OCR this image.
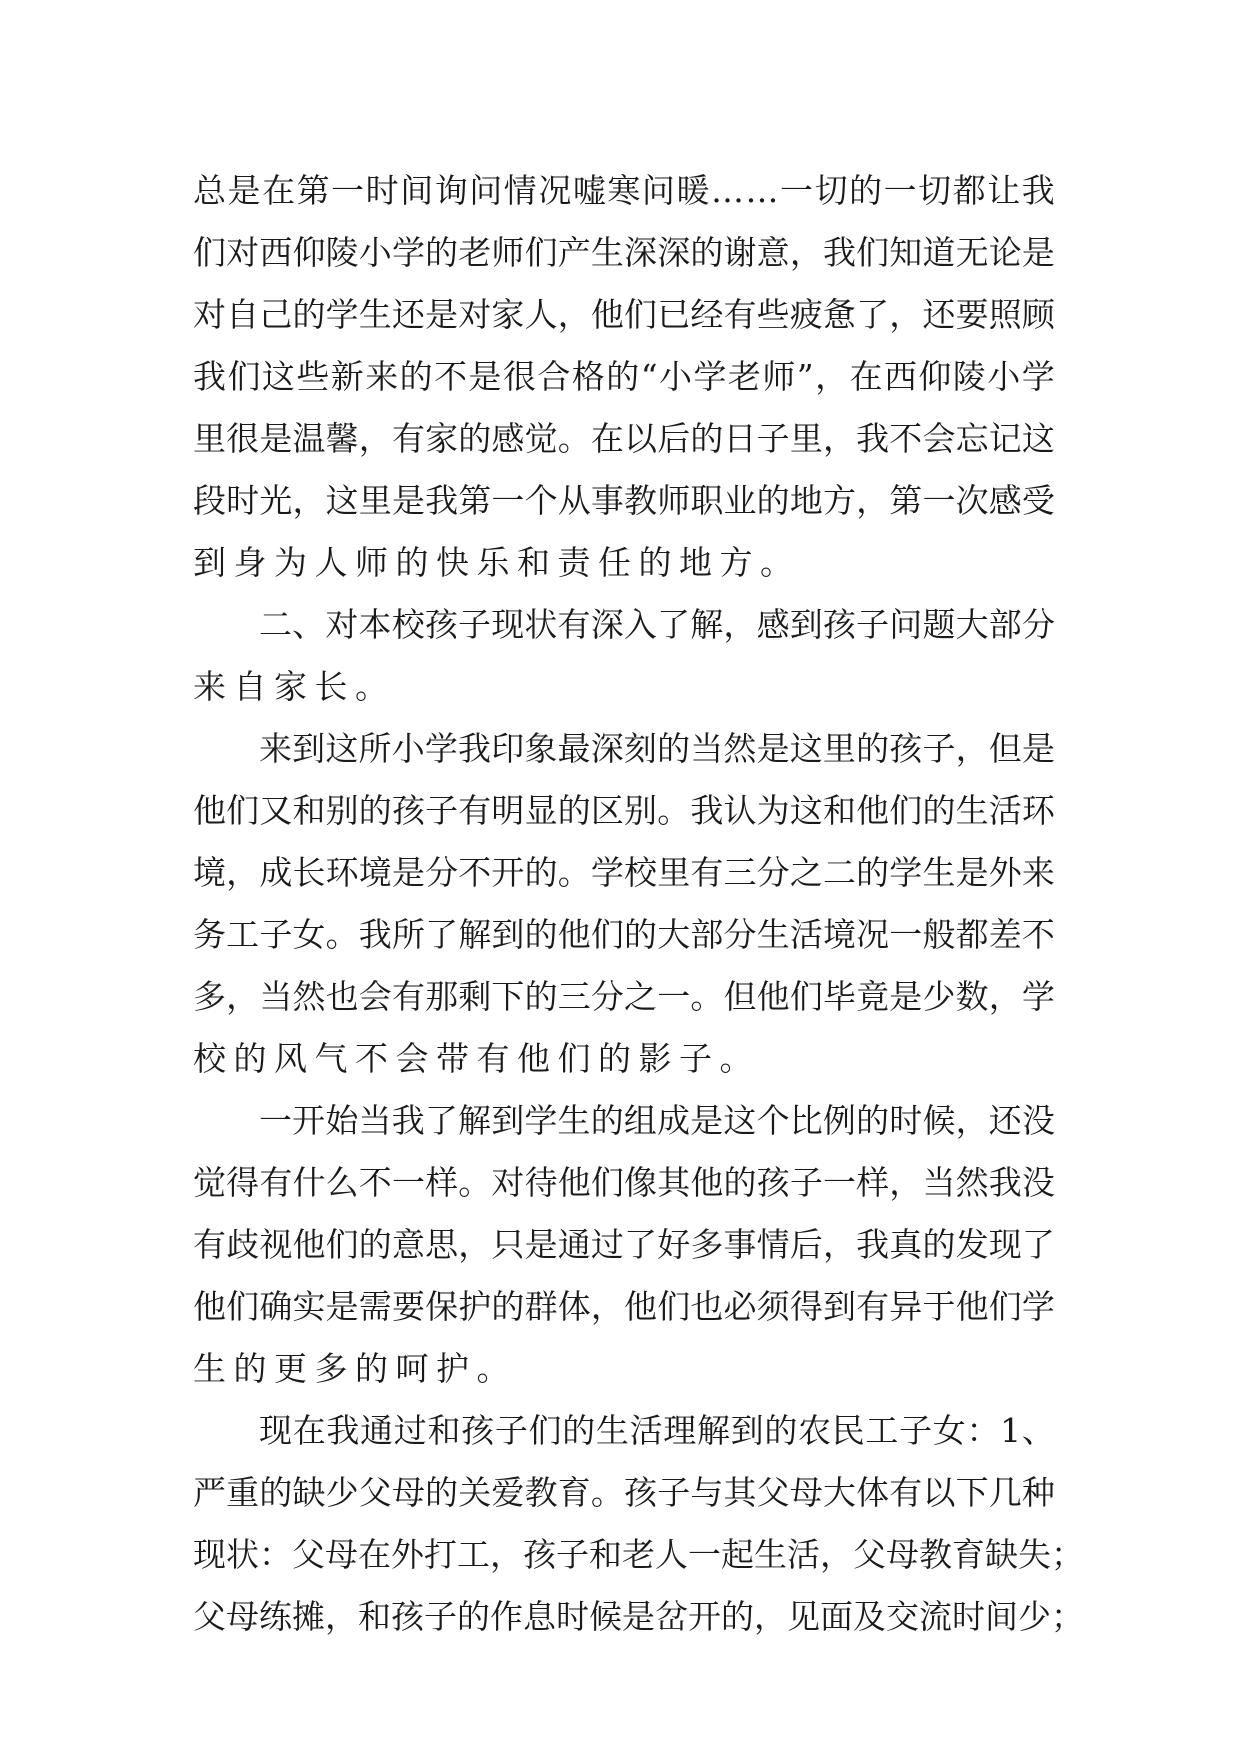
总 是 在 第 一 时 间 询 问 情 况 嘘 寒 问 暖 … … 一 切 的 一 切 都 让 我
们 对 西 仰 陵 小 学 的 老 师 们 产 生 深 深 的 谢 意 ， 我 们 知 道 无 论 是
对 自 己 的 学 生 还 是 对 家 人 ， 他 们 已 经 有 些 疲 惫 了 ， 还 要 照 顾
我 们 这 些 新 来 的 不 是 很 合 格 的 “ 小 学 老 师 ” ， 在 西 仰 陵 小 学
里 很 是 温 馨 ， 有 家 的 感 觉 。 在 以 后 的 日 子 里 ， 我 不 会 忘 记 这
段 时 光 ， 这 里 是 我 第 一 个 从 事 教 师 职 业 的 地 方 ， 第 一 次 感 受
到身为人师的快乐和责任的地方。
二 、 对 本 校 孩 子 现 状 有 深 入 了 解 ， 感 到 孩 子 问 题 大 部 分
来自家长。
来 到 这 所 小 学 我 印 象 最 深 刻 的 当 然 是 这 里 的 孩 子 ， 但 是
他 们 又 和 别 的 孩 子 有 明 显 的 区 别 。 我 认 为 这 和 他 们 的 生 活 环
境 ， 成 长 环 境 是 分 不 开 的 。 学 校 里 有 三 分 之 二 的 学 生 是 外 来
务 工 子 女 。 我 所 了 解 到 的 他 们 的 大 部 分 生 活 境 况 一 般 都 差 不
多 ， 当 然 也 会 有 那 剩 下 的 三 分 之 一 。 但 他 们 毕 竟 是 少 数 ， 学
校的风气不会带有他们的影子。
一 开 始 当 我 了 解 到 学 生 的 组 成 是 这 个 比 例 的 时 候 ， 还 没
觉 得 有 什 么 不 一 样 。 对 待 他 们 像 其 他 的 孩 子 一 样 ， 当 然 我 没
有 歧 视 他 们 的 意 思 ， 只 是 通 过 了 好 多 事 情 后 ， 我 真 的 发 现 了
他 们 确 实 是 需 要 保 护 的 群 体 ， 他 们 也 必 须 得 到 有 异 于 他 们 学
生的更多的呵护。
现 在 我 通 过 和 孩 子 们 的 生 活 理 解 到 的 农 民 工 子 女 ： 1 、
严 重 的 缺 少 父 母 的 关 爱 教 育 。 孩 子 与 其 父 母 大 体 有 以 下 几 种
现 状 ： 父 母 在 外 打 工 ， 孩 子 和 老 人 一 起 生 活 ， 父 母 教 育 缺 失 ；
父 母 练 摊 ， 和 孩 子 的 作 息 时 候 是 岔 开 的 ， 见 面 及 交 流 时 间 少 ；
